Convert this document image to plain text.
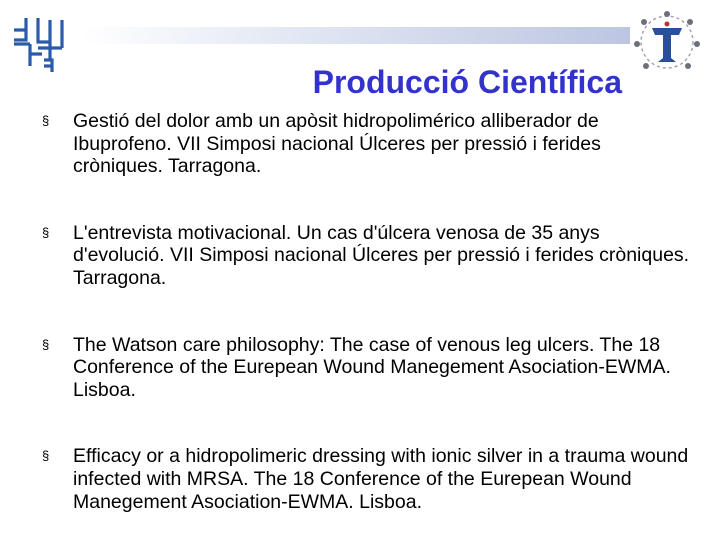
Producció Científica
§ Gestió del dolor amb un apòsit hidropolimérico alliberador de Ibuprofeno. VII Simposi nacional Úlceres per pressió i ferides cròniques. Tarragona.
§ L'entrevista motivacional. Un cas d'úlcera venosa de 35 anys d'evolució. VII Simposi nacional Úlceres per pressió i ferides cròniques. Tarragona.
§ The Watson care philosophy: The case of venous leg ulcers. The 18 Conference of the Eurepean Wound Manegement Asociation-EWMA. Lisboa.
§ Efficacy or a hidropolimeric dressing with ionic silver in a trauma wound infected with MRSA. The 18 Conference of the Eurepean Wound Manegement Asociation-EWMA. Lisboa.
